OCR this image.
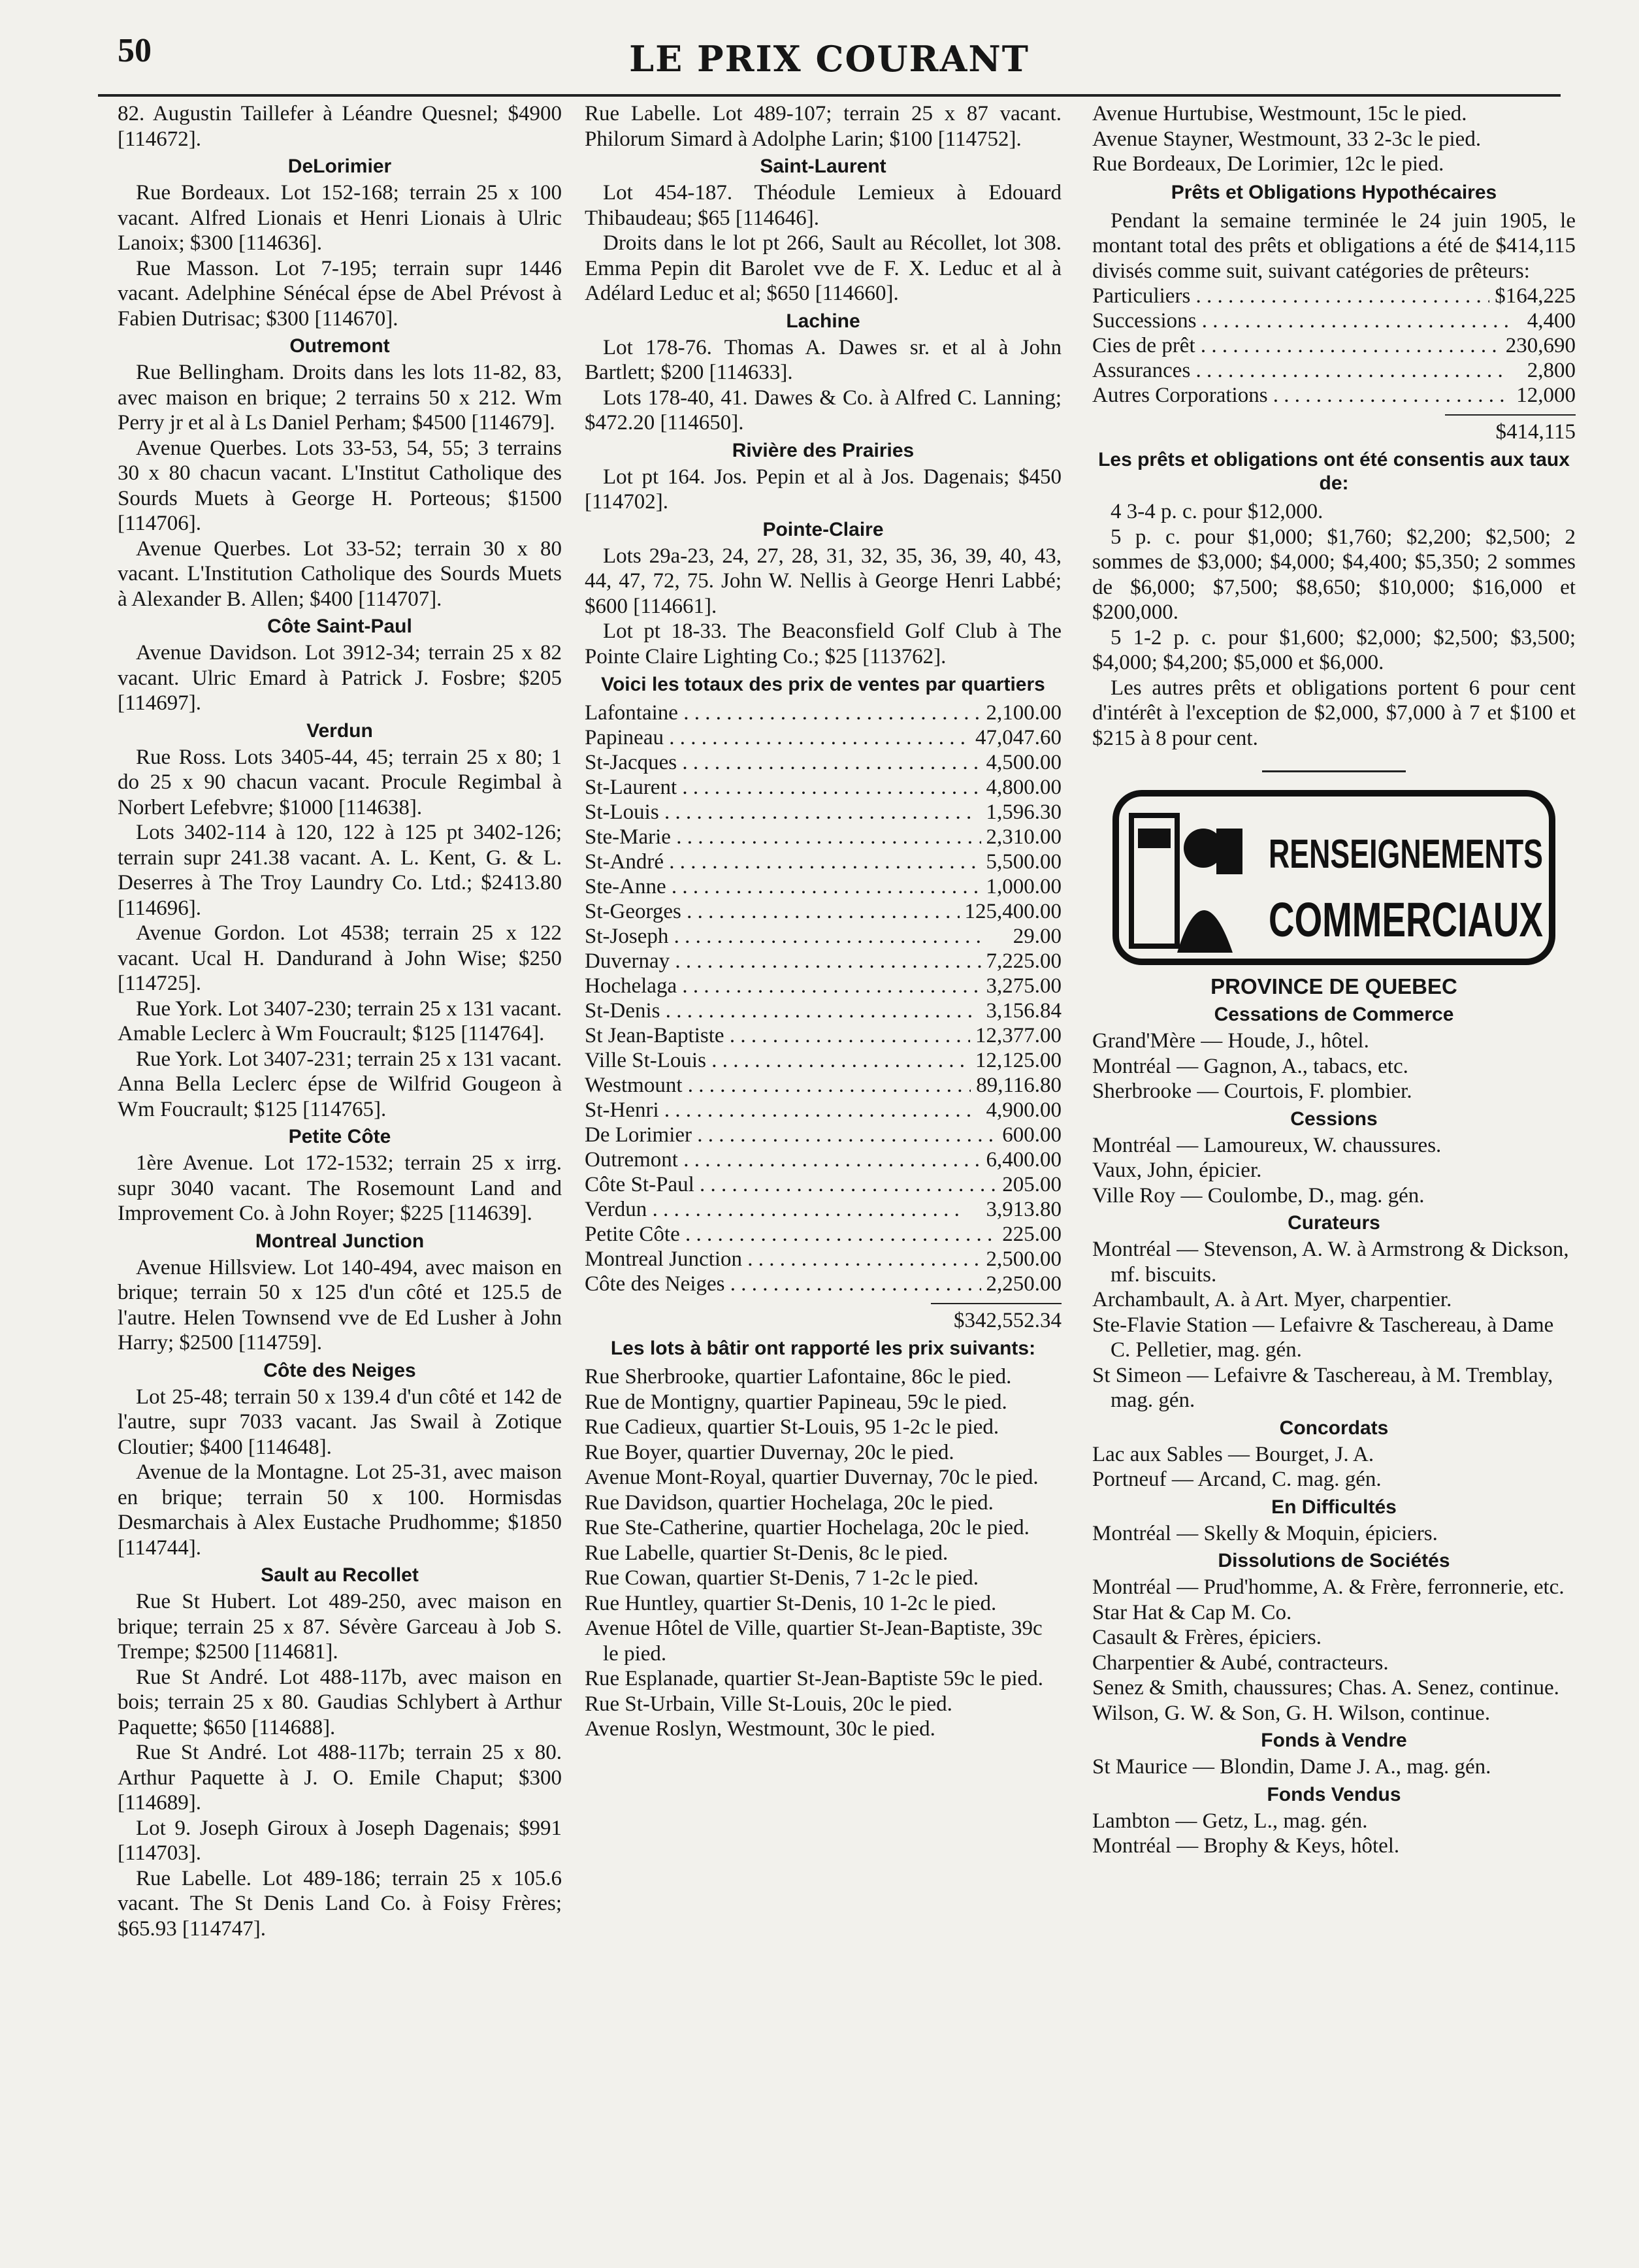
50	LE PRIX COURANT

82. Augustin Taillefer à Léandre Quesnel; $4900 [114672].

DeLorimier

Rue Bordeaux. Lot 152-168; terrain 25 x 100 vacant. Alfred Lionais et Henri Lionais à Ulric Lanoix; $300 [114636].

Rue Masson. Lot 7-195; terrain supr 1446 vacant. Adelphine Sénécal épse de Abel Prévost à Fabien Dutrisac; $300 [114670].

Outremont

Rue Bellingham. Droits dans les lots 11-82, 83, avec maison en brique; 2 terrains 50 x 212. Wm Perry jr et al à Ls Daniel Perham; $4500 [114679].

Avenue Querbes. Lots 33-53, 54, 55; 3 terrains 30 x 80 chacun vacant. L'Institut Catholique des Sourds Muets à George H. Porteous; $1500 [114706].

Avenue Querbes. Lot 33-52; terrain 30 x 80 vacant. L'Institution Catholique des Sourds Muets à Alexander B. Allen; $400 [114707].

Côte Saint-Paul

Avenue Davidson. Lot 3912-34; terrain 25 x 82 vacant. Ulric Emard à Patrick J. Fosbre; $205 [114697].

Verdun

Rue Ross. Lots 3405-44, 45; terrain 25 x 80; 1 do 25 x 90 chacun vacant. Procule Regimbal à Norbert Lefebvre; $1000 [114638].

Lots 3402-114 à 120, 122 à 125 pt 3402-126; terrain supr 241.38 vacant. A. L. Kent, G. & L. Deserres à The Troy Laundry Co. Ltd.; $2413.80 [114696].

Avenue Gordon. Lot 4538; terrain 25 x 122 vacant. Ucal H. Dandurand à John Wise; $250 [114725].

Rue York. Lot 3407-230; terrain 25 x 131 vacant. Amable Leclerc à Wm Foucrault; $125 [114764].

Rue York. Lot 3407-231; terrain 25 x 131 vacant. Anna Bella Leclerc épse de Wilfrid Gougeon à Wm Foucrault; $125 [114765].

Petite Côte

1ère Avenue. Lot 172-1532; terrain 25 x irrg. supr 3040 vacant. The Rosemount Land and Improvement Co. à John Royer; $225 [114639].

Montreal Junction

Avenue Hillsview. Lot 140-494, avec maison en brique; terrain 50 x 125 d'un côté et 125.5 de l'autre. Helen Townsend vve de Ed Lusher à John Harry; $2500 [114759].

Côte des Neiges

Lot 25-48; terrain 50 x 139.4 d'un côté et 142 de l'autre, supr 7033 vacant. Jas Swail à Zotique Cloutier; $400 [114648].

Avenue de la Montagne. Lot 25-31, avec maison en brique; terrain 50 x 100. Hormisdas Desmarchais à Alex Eustache Prudhomme; $1850 [114744].

Sault au Recollet

Rue St Hubert. Lot 489-250, avec maison en brique; terrain 25 x 87. Sévère Garceau à Job S. Trempe; $2500 [114681].

Rue St André. Lot 488-117b, avec maison en bois; terrain 25 x 80. Gaudias Schlybert à Arthur Paquette; $650 [114688].

Rue St André. Lot 488-117b; terrain 25 x 80. Arthur Paquette à J. O. Emile Chaput; $300 [114689].

Lot 9. Joseph Giroux à Joseph Dagenais; $991 [114703].

Rue Labelle. Lot 489-186; terrain 25 x 105.6 vacant. The St Denis Land Co. à Foisy Frères; $65.93 [114747].

Rue Labelle. Lot 489-107; terrain 25 x 87 vacant. Philorum Simard à Adolphe Larin; $100 [114752].

Saint-Laurent

Lot 454-187. Théodule Lemieux à Edouard Thibaudeau; $65 [114646].

Droits dans le lot pt 266, Sault au Récollet, lot 308. Emma Pepin dit Barolet vve de F. X. Leduc et al à Adélard Leduc et al; $650 [114660].

Lachine

Lot 178-76. Thomas A. Dawes sr. et al à John Bartlett; $200 [114633].

Lots 178-40, 41. Dawes & Co. à Alfred C. Lanning; $472.20 [114650].

Rivière des Prairies

Lot pt 164. Jos. Pepin et al à Jos. Dagenais; $450 [114702].

Pointe-Claire

Lots 29a-23, 24, 27, 28, 31, 32, 35, 36, 39, 40, 43, 44, 47, 72, 75. John W. Nellis à George Henri Labbé; $600 [114661].

Lot pt 18-33. The Beaconsfield Golf Club à The Pointe Claire Lighting Co.; $25 [113762].

Voici les totaux des prix de ventes par quartiers
Lafontaine . . .	2,100.00
Papineau . . .	47,047.60
St-Jacques . . .	4,500.00
St-Laurent . . .	4,800.00
St-Louis . . .	1,596.30
Ste-Marie . . .	2,310.00
St-André . . .	5,500.00
Ste-Anne . . .	1,000.00
St-Georges . . .	125,400.00
St-Joseph . . .	29.00
Duvernay . . .	7,225.00
Hochelaga . . .	3,275.00
St-Denis . . .	3,156.84
St Jean-Baptiste . . .	12,377.00
Ville St-Louis . . .	12,125.00
Westmount . . .	89,116.80
St-Henri . . .	4,900.00
De Lorimier . . .	600.00
Outremont . . .	6,400.00
Côte St-Paul . . .	205.00
Verdun . . .	3,913.80
Petite Côte . . .	225.00
Montreal Junction . . .	2,500.00
Côte des Neiges . . .	2,250.00
$342,552.34
Les lots à bâtir ont rapporté les prix suivants:

Rue Sherbrooke, quartier Lafontaine, 86c le pied.

Rue de Montigny, quartier Papineau, 59c le pied.

Rue Cadieux, quartier St-Louis, 95 1-2c le pied.

Rue Boyer, quartier Duvernay, 20c le pied.

Avenue Mont-Royal, quartier Duvernay, 70c le pied.

Rue Davidson, quartier Hochelaga, 20c le pied.

Rue Ste-Catherine, quartier Hochelaga, 20c le pied.

Rue Labelle, quartier St-Denis, 8c le pied.

Rue Cowan, quartier St-Denis, 7 1-2c le pied.

Rue Huntley, quartier St-Denis, 10 1-2c le pied.

Avenue Hôtel de Ville, quartier St-Jean-Baptiste, 39c le pied.

Rue Esplanade, quartier St-Jean-Baptiste 59c le pied.

Rue St-Urbain, Ville St-Louis, 20c le pied.

Avenue Roslyn, Westmount, 30c le pied.

Avenue Hurtubise, Westmount, 15c le pied.

Avenue Stayner, Westmount, 33 2-3c le pied.

Rue Bordeaux, De Lorimier, 12c le pied.

Prêts et Obligations Hypothécaires

Pendant la semaine terminée le 24 juin 1905, le montant total des prêts et obligations a été de $414,115 divisés comme suit, suivant catégories de prêteurs:

Particuliers . . .	$164,225
Successions . . .	4,400
Cies de prêt . . .	230,690
Assurances . . .	2,800
Autres Corporations . . .	12,000
$414,115
Les prêts et obligations ont été consentis aux taux de:

4 3-4 p. c. pour $12,000.

5 p. c. pour $1,000; $1,760; $2,200; $2,500; 2 sommes de $3,000; $4,000; $4,400; $5,350; 2 sommes de $6,000; $7,500; $8,650; $10,000; $16,000 et $200,000.

5 1-2 p. c. pour $1,600; $2,000; $2,500; $3,500; $4,000; $4,200; $5,000 et $6,000.

Les autres prêts et obligations portent 6 pour cent d'intérêt à l'exception de $2,000, $7,000 à 7 et $100 et $215 à 8 pour cent.

RENSEIGNEMENTS
COMMERCIAUX
PROVINCE DE QUEBEC
Cessations de Commerce

Grand'Mère — Houde, J., hôtel.

Montréal — Gagnon, A., tabacs, etc.

Sherbrooke — Courtois, F. plombier.

Cessions

Montréal — Lamoureux, W. chaussures.

Vaux, John, épicier.

Ville Roy — Coulombe, D., mag. gén.

Curateurs

Montréal — Stevenson, A. W. à Armstrong & Dickson, mf. biscuits.

Archambault, A. à Art. Myer, charpentier.

Ste-Flavie Station — Lefaivre & Taschereau, à Dame C. Pelletier, mag. gén.

St Simeon — Lefaivre & Taschereau, à M. Tremblay, mag. gén.

Concordats

Lac aux Sables — Bourget, J. A.

Portneuf — Arcand, C. mag. gén.

En Difficultés

Montréal — Skelly & Moquin, épiciers.

Dissolutions de Sociétés

Montréal — Prud'homme, A. & Frère, ferronnerie, etc.

Star Hat & Cap M. Co.

Casault & Frères, épiciers.

Charpentier & Aubé, contracteurs.

Senez & Smith, chaussures; Chas. A. Senez, continue.

Wilson, G. W. & Son, G. H. Wilson, continue.

Fonds à Vendre

St Maurice — Blondin, Dame J. A., mag. gén.

Fonds Vendus

Lambton — Getz, L., mag. gén.

Montréal — Brophy & Keys, hôtel.
